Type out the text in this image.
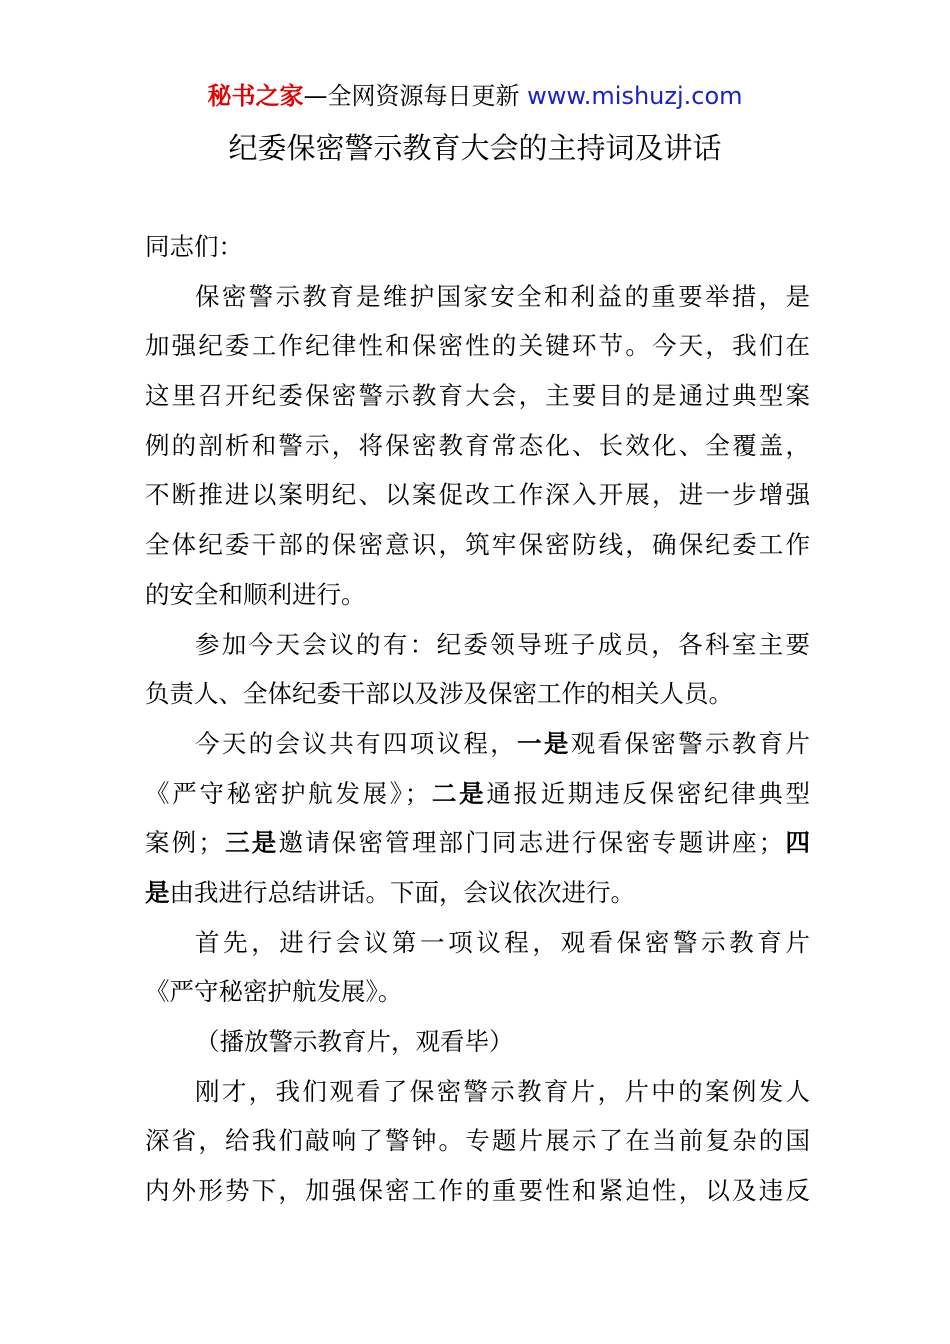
秘书之家—全网资源每日更新 www.mishuzj.com
纪委保密警示教育大会的主持词及讲话
同志们：
保密警示教育是维护国家安全和利益的重要举措，是
加强纪委工作纪律性和保密性的关键环节。今天，我们在
这里召开纪委保密警示教育大会，主要目的是通过典型案
例的剖析和警示，将保密教育常态化、长效化、全覆盖，
不断推进以案明纪、以案促改工作深入开展，进一步增强
全体纪委干部的保密意识，筑牢保密防线，确保纪委工作
的安全和顺利进行。
参加今天会议的有：纪委领导班子成员，各科室主要
负责人、全体纪委干部以及涉及保密工作的相关人员。
今天的会议共有四项议程，一是观看保密警示教育片
《严守秘密护航发展》；二是通报近期违反保密纪律典型
案例；三是邀请保密管理部门同志进行保密专题讲座；四
是由我进行总结讲话。下面，会议依次进行。
首先，进行会议第一项议程，观看保密警示教育片
《严守秘密护航发展》。
（播放警示教育片，观看毕）
刚才，我们观看了保密警示教育片，片中的案例发人
深省，给我们敲响了警钟。专题片展示了在当前复杂的国
内外形势下，加强保密工作的重要性和紧迫性，以及违反
